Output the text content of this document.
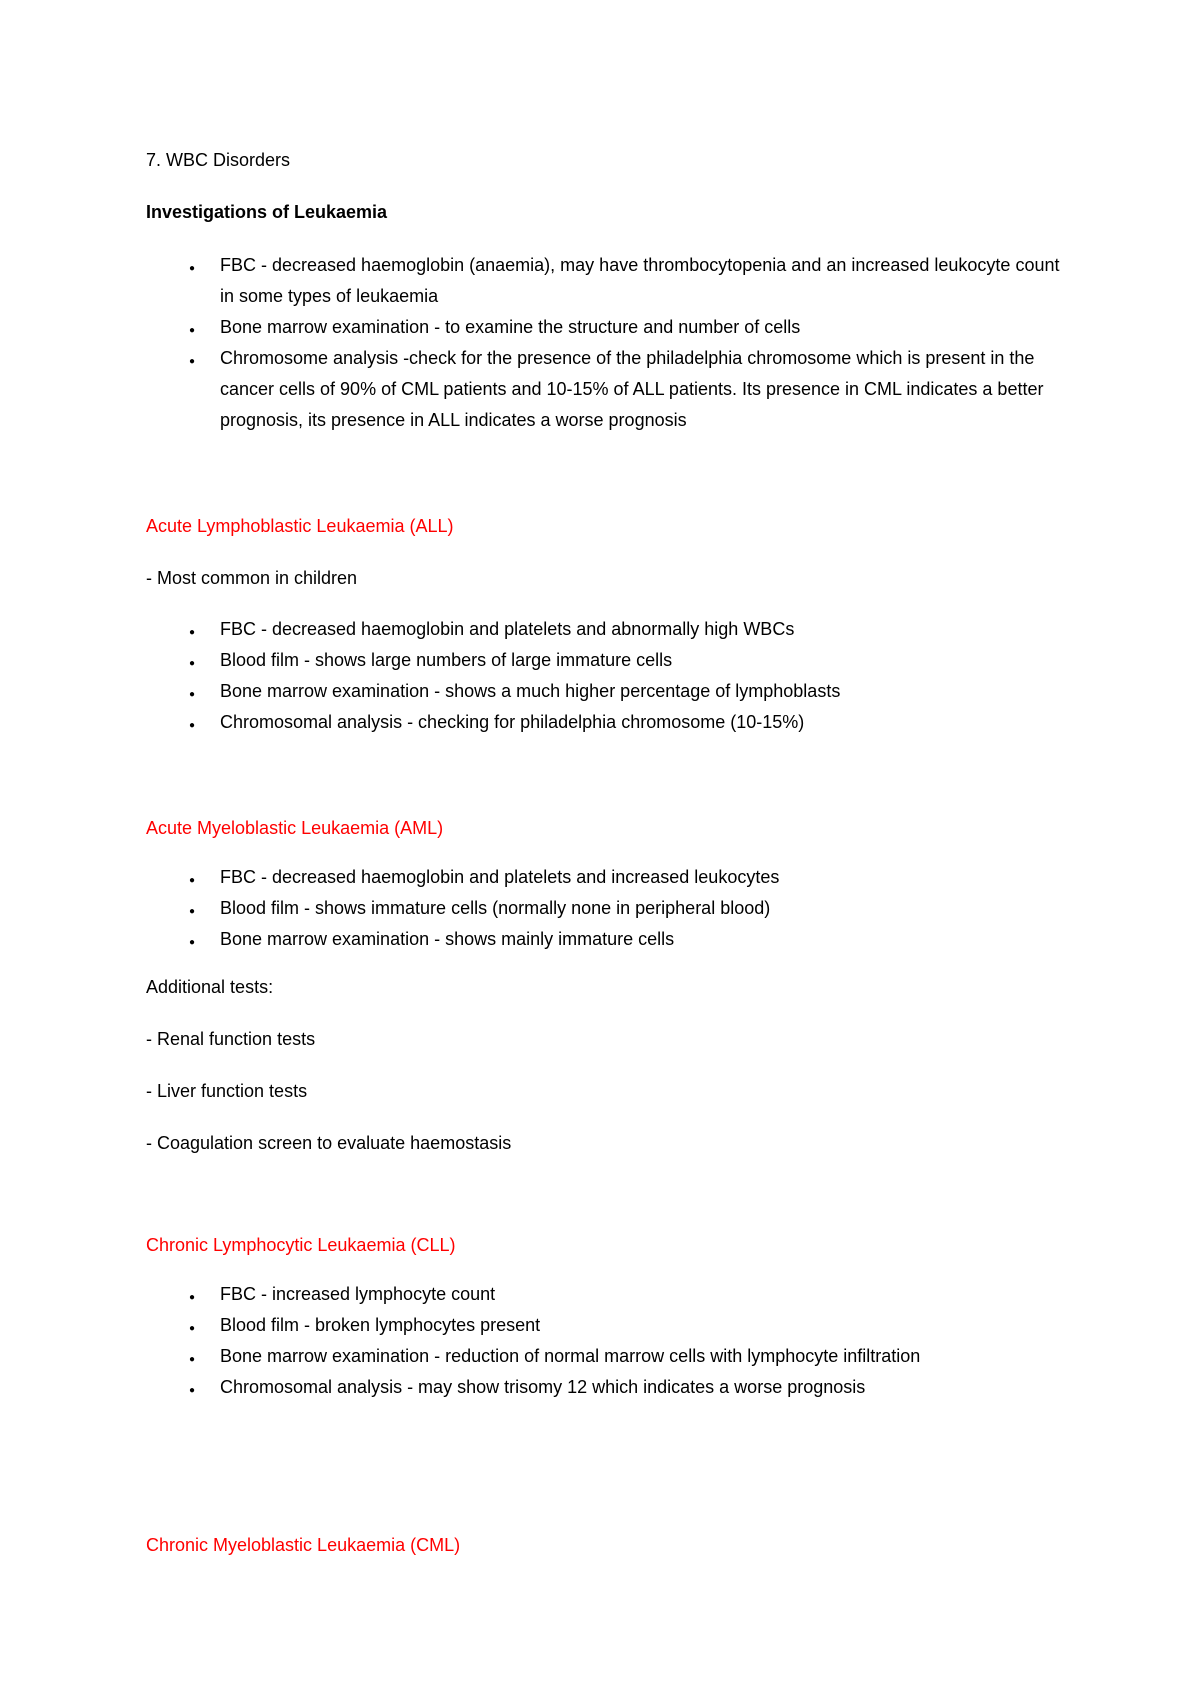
7. WBC Disorders
Investigations of Leukaemia
●
FBC - decreased haemoglobin (anaemia), may have thrombocytopenia and an increased leukocyte count in some types of leukaemia
●
Bone marrow examination - to examine the structure and number of cells
●
Chromosome analysis -check for the presence of the philadelphia chromosome which is present in the cancer cells of 90% of CML patients and 10-15% of ALL patients. Its presence in CML indicates a better prognosis, its presence in ALL indicates a worse prognosis
Acute Lymphoblastic Leukaemia (ALL)
- Most common in children
●
FBC - decreased haemoglobin and platelets and abnormally high WBCs
●
Blood film - shows large numbers of large immature cells
●
Bone marrow examination - shows a much higher percentage of lymphoblasts
●
Chromosomal analysis - checking for philadelphia chromosome (10-15%)
Acute Myeloblastic Leukaemia (AML)
●
FBC - decreased haemoglobin and platelets and increased leukocytes
●
Blood film - shows immature cells (normally none in peripheral blood)
●
Bone marrow examination - shows mainly immature cells
Additional tests:
- Renal function tests
- Liver function tests
- Coagulation screen to evaluate haemostasis
Chronic Lymphocytic Leukaemia (CLL)
●
FBC - increased lymphocyte count
●
Blood film - broken lymphocytes present
●
Bone marrow examination - reduction of normal marrow cells with lymphocyte infiltration
●
Chromosomal analysis - may show trisomy 12 which indicates a worse prognosis
Chronic Myeloblastic Leukaemia (CML)
